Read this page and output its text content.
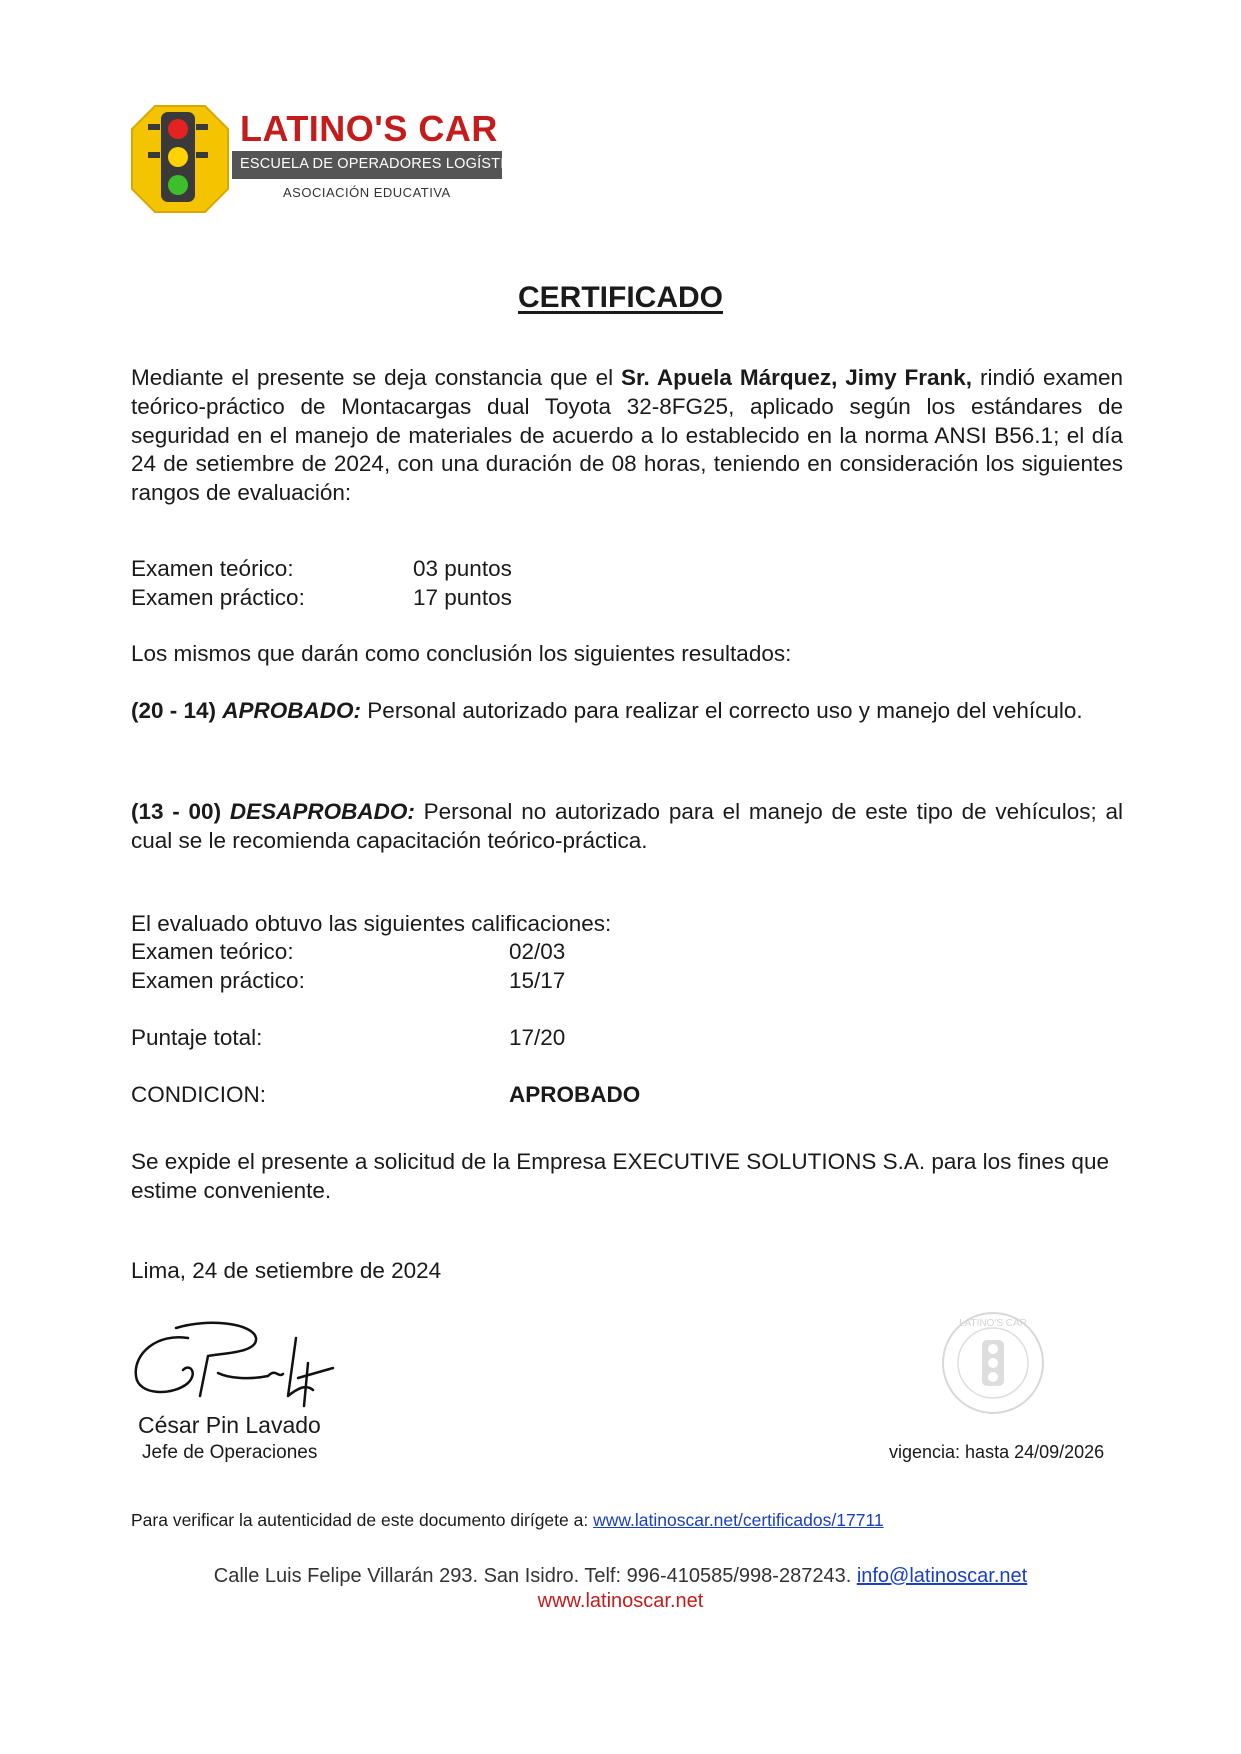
LATINO'S CAR
ESCUELA DE OPERADORES LOGÍSTICOS
ASOCIACIÓN EDUCATIVA
CERTIFICADO
Mediante el presente se deja constancia que el Sr. Apuela Márquez, Jimy Frank, rindió examen teórico-práctico de Montacargas dual Toyota 32-8FG25, aplicado según los estándares de seguridad en el manejo de materiales de acuerdo a lo establecido en la norma ANSI B56.1; el día 24 de setiembre de 2024, con una duración de 08 horas, teniendo en consideración los siguientes rangos de evaluación:
Examen teórico:	03 puntos
Examen práctico:	17 puntos
Los mismos que darán como conclusión los siguientes resultados:
(20 - 14) APROBADO: Personal autorizado para realizar el correcto uso y manejo del vehículo.
(13 - 00) DESAPROBADO: Personal no autorizado para el manejo de este tipo de vehículos; al cual se le recomienda capacitación teórico-práctica.
El evaluado obtuvo las siguientes calificaciones:
Examen teórico:	02/03
Examen práctico:	15/17
Puntaje total:	17/20
CONDICION:	APROBADO
Se expide el presente a solicitud de la Empresa EXECUTIVE SOLUTIONS S.A. para los fines que estime conveniente.
Lima, 24 de setiembre de 2024
César Pin Lavado
Jefe de Operaciones
LATINO'S CAR
vigencia: hasta 24/09/2026
Para verificar la autenticidad de este documento dirígete a: www.latinoscar.net/certificados/17711
Calle Luis Felipe Villarán 293. San Isidro. Telf: 996-410585/998-287243. info@latinoscar.net
www.latinoscar.net
